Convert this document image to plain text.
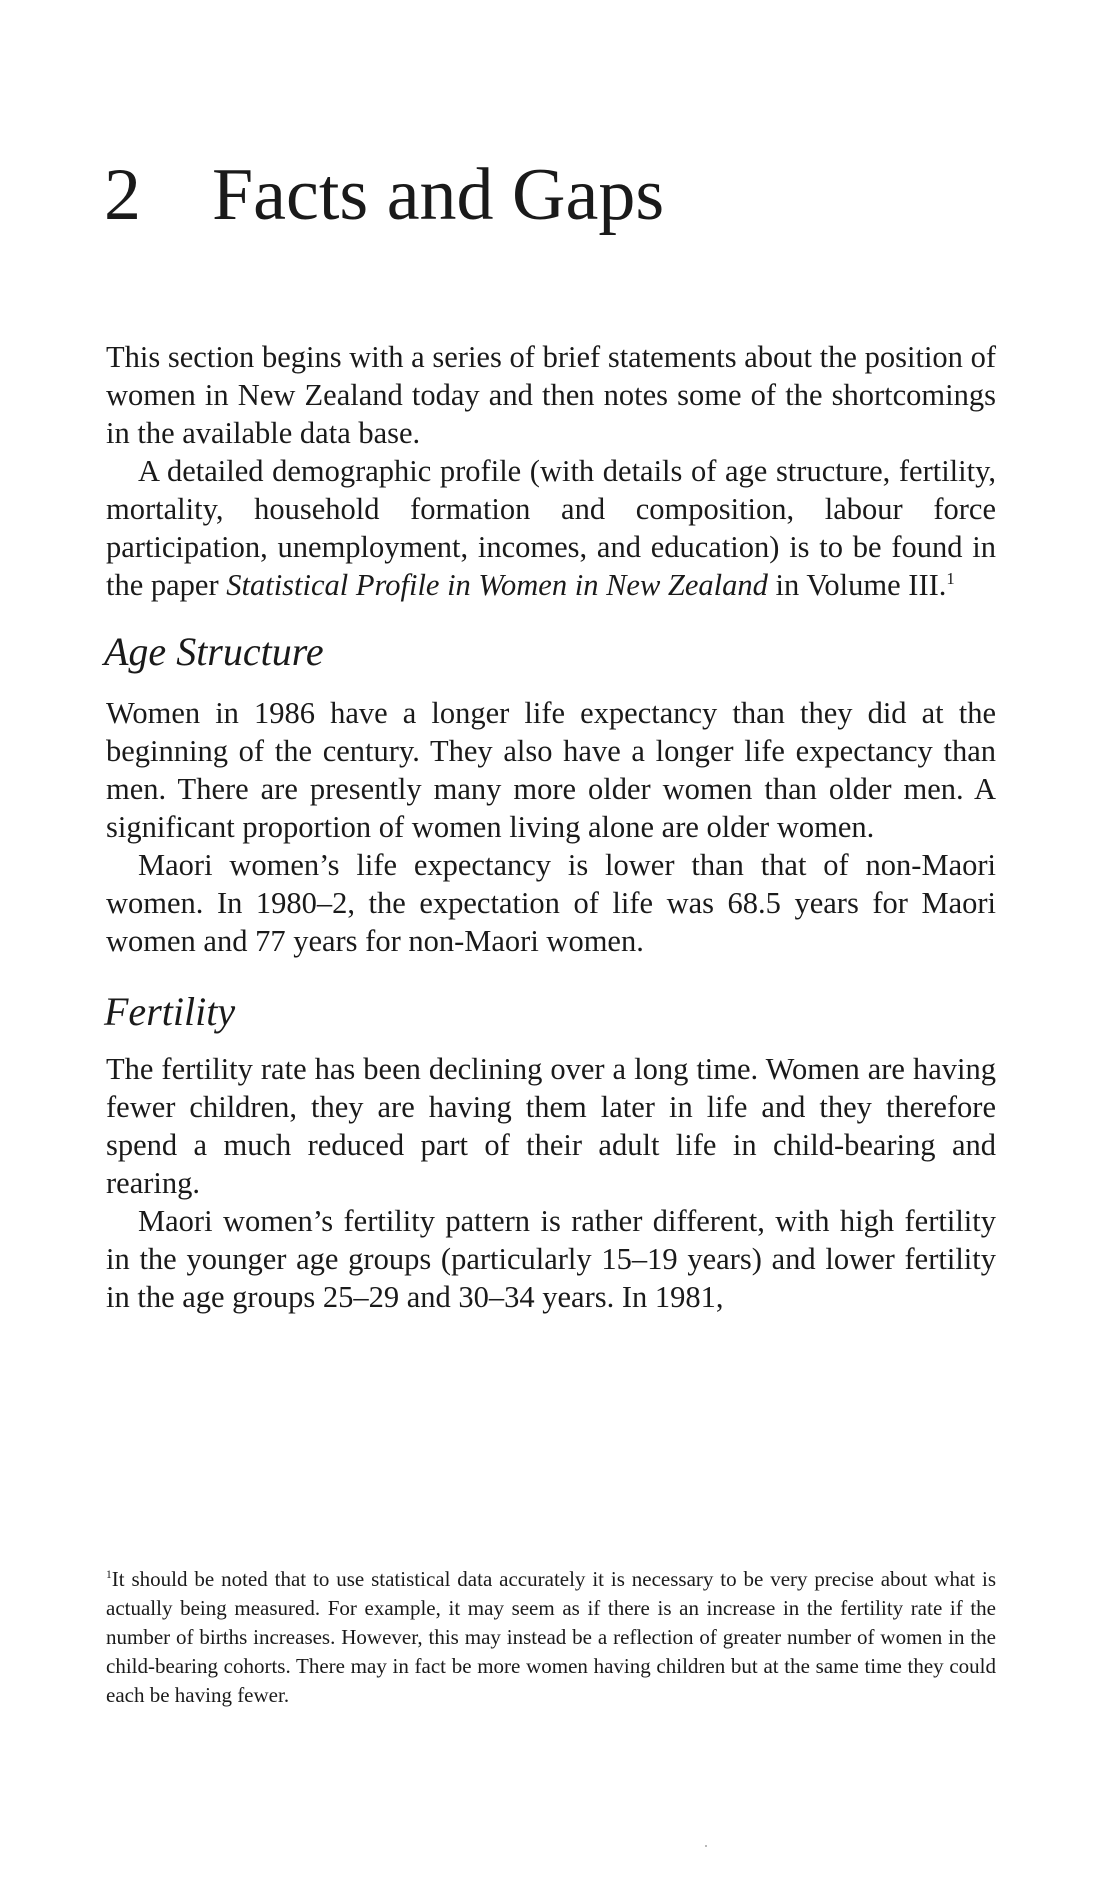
2 Facts and Gaps

This section begins with a series of brief statements about the position of women in New Zealand today and then notes some of the shortcomings in the available data base.

A detailed demographic profile (with details of age structure, fertility, mortality, household formation and composition, labour force participation, unemployment, incomes, and education) is to be found in the paper Statistical Profile in Women in New Zealand in Volume III.$^1$

Age Structure

Women in 1986 have a longer life expectancy than they did at the beginning of the century. They also have a longer life expectancy than men. There are presently many more older women than older men. A significant proportion of women living alone are older women.

Maori women’s life expectancy is lower than that of non-Maori women. In 1980–2, the expectation of life was 68.5 years for Maori women and 77 years for non-Maori women.

Fertility

The fertility rate has been declining over a long time. Women are having fewer children, they are having them later in life and they therefore spend a much reduced part of their adult life in child-bearing and rearing.

Maori women’s fertility pattern is rather different, with high fertility in the younger age groups (particularly 15–19 years) and lower fertility in the age groups 25–29 and 30–34 years. In 1981,

$^1$It should be noted that to use statistical data accurately it is necessary to be very precise about what is actually being measured. For example, it may seem as if there is an increase in the fertility rate if the number of births increases. However, this may instead be a reflection of greater number of women in the child-bearing cohorts. There may in fact be more women having children but at the same time they could each be having fewer.
